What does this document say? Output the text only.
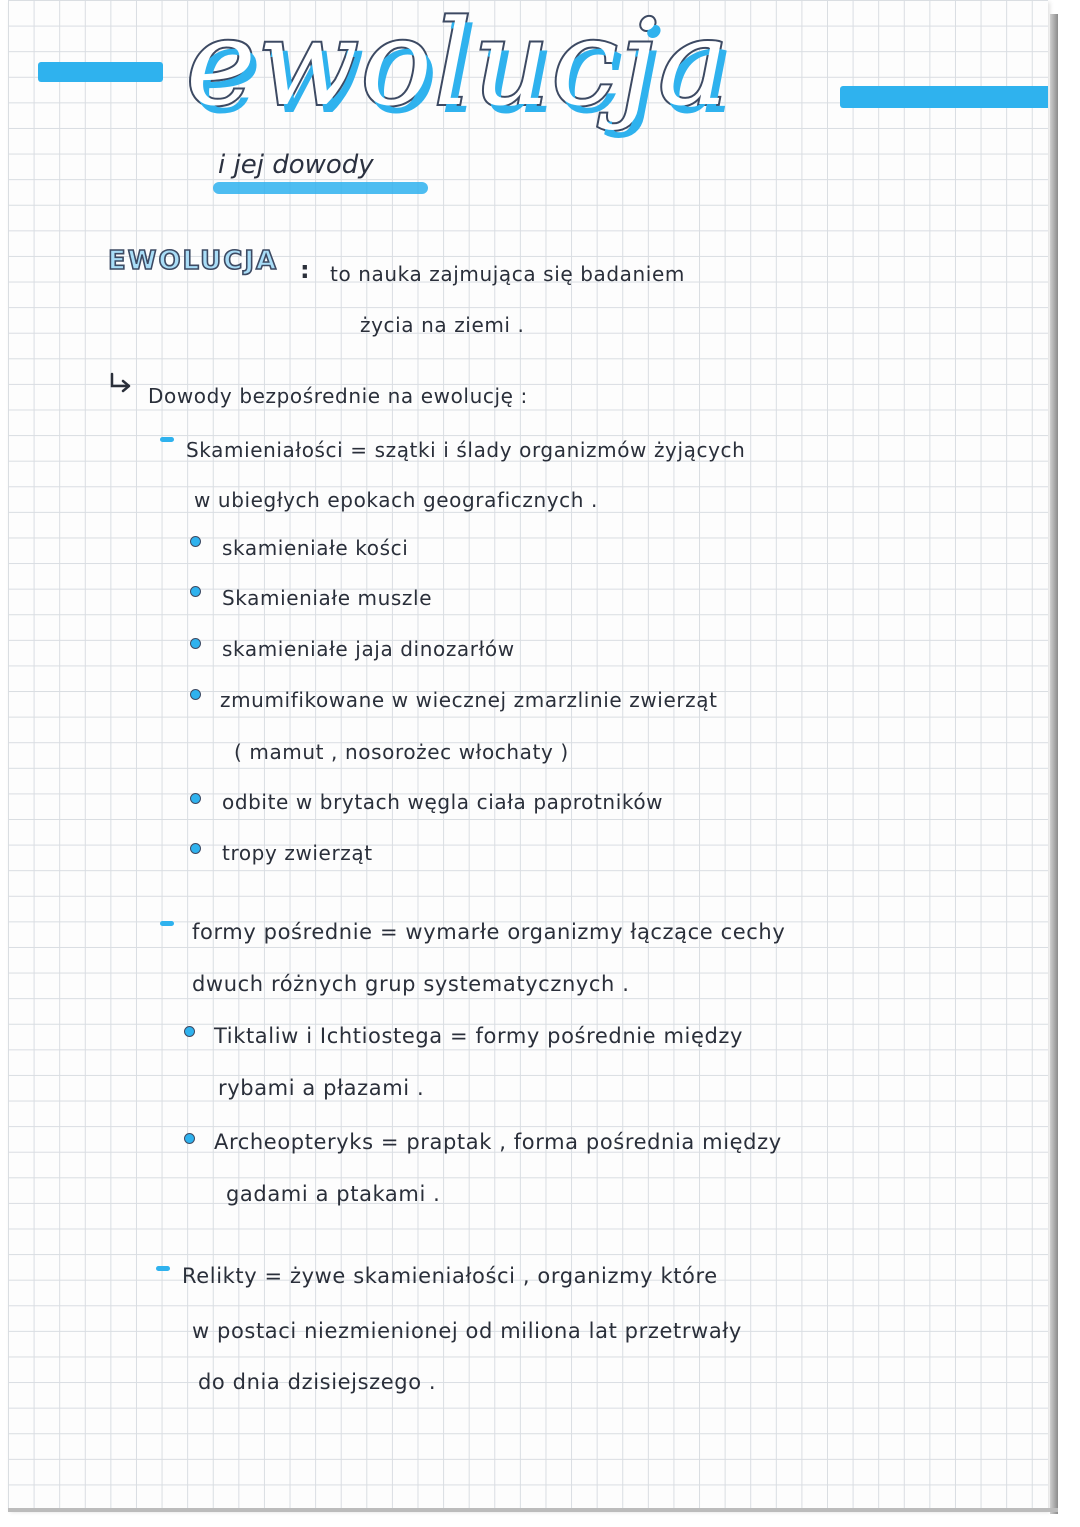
ewolucja
i jej dowody
EWOLUCJA : to nauka zajmująca się badaniem
życia na ziemi .
Dowody bezpośrednie na ewolucję :
Skamieniałości = szątki i ślady organizmów żyjących
w ubiegłych epokach geograficznych .
skamieniałe kości
Skamieniałe muszle
skamieniałe jaja dinozarłów
zmumifikowane w wiecznej zmarzlinie zwierząt
( mamut , nosorożec włochaty )
odbite w brytach węgla ciała paprotników
tropy zwierząt
formy pośrednie = wymarłe organizmy łączące cechy
dwuch różnych grup systematycznych .
Tiktaliw i Ichtiostega = formy pośrednie między
rybami a płazami .
Archeopteryks = praptak , forma pośrednia między
gadami a ptakami .
Relikty = żywe skamieniałości , organizmy które
w postaci niezmienionej od miliona lat przetrwały
do dnia dzisiejszego .
